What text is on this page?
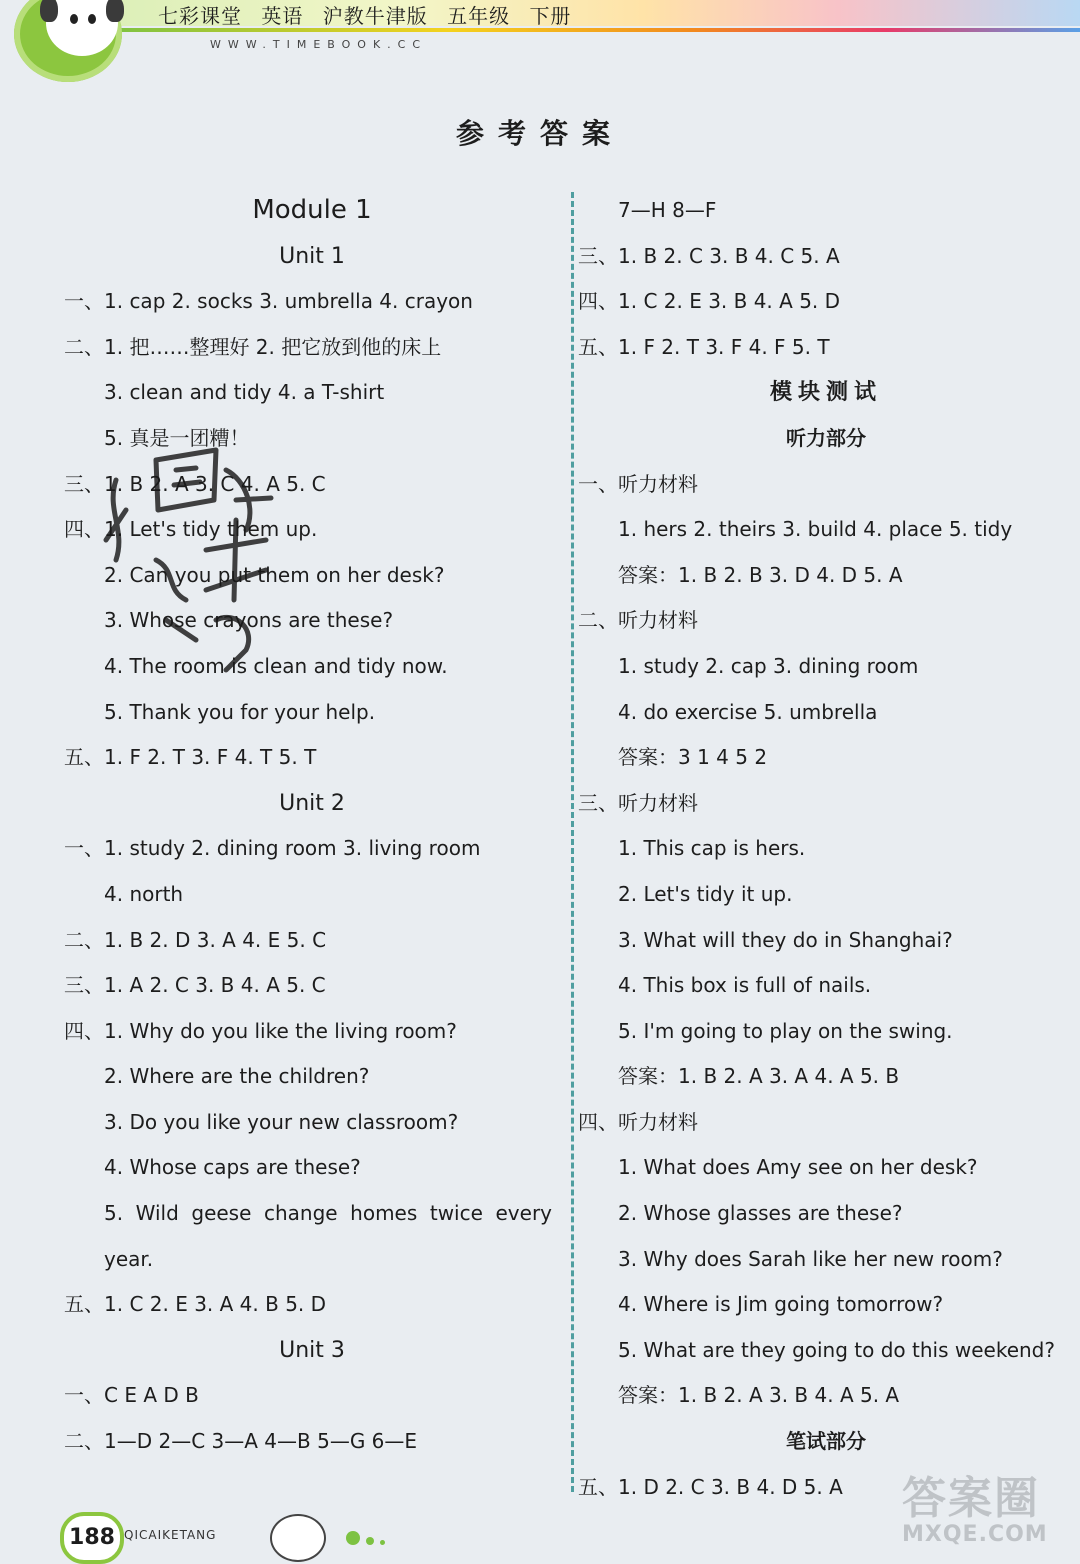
七彩课堂 英语 沪教牛津版 五年级 下册
WWW.TIMEBOOK.CC
参考答案
Module 1
Unit 1
一、1. cap 2. socks 3. umbrella 4. crayon
二、1. 把……整理好 2. 把它放到他的床上
3. clean and tidy 4. a T-shirt
5. 真是一团糟！
三、1. B 2. A 3. C 4. A 5. C
四、1. Let's tidy them up.
2. Can you put them on her desk?
3. Whose crayons are these?
4. The room is clean and tidy now.
5. Thank you for your help.
五、1. F 2. T 3. F 4. T 5. T
Unit 2
一、1. study 2. dining room 3. living room
4. north
二、1. B 2. D 3. A 4. E 5. C
三、1. A 2. C 3. B 4. A 5. C
四、1. Why do you like the living room?
2. Where are the children?
3. Do you like your new classroom?
4. Whose caps are these?
5. Wild geese change homes twice every
year.
五、1. C 2. E 3. A 4. B 5. D
Unit 3
一、C E A D B
二、1—D 2—C 3—A 4—B 5—G 6—E
7—H 8—F
三、1. B 2. C 3. B 4. C 5. A
四、1. C 2. E 3. B 4. A 5. D
五、1. F 2. T 3. F 4. F 5. T
模块测试
听力部分
一、听力材料
1. hers 2. theirs 3. build 4. place 5. tidy
答案：1. B 2. B 3. D 4. D 5. A
二、听力材料
1. study 2. cap 3. dining room
4. do exercise 5. umbrella
答案：3 1 4 5 2
三、听力材料
1. This cap is hers.
2. Let's tidy it up.
3. What will they do in Shanghai?
4. This box is full of nails.
5. I'm going to play on the swing.
答案：1. B 2. A 3. A 4. A 5. B
四、听力材料
1. What does Amy see on her desk?
2. Whose glasses are these?
3. Why does Sarah like her new room?
4. Where is Jim going tomorrow?
5. What are they going to do this weekend?
答案：1. B 2. A 3. B 4. A 5. A
笔试部分
五、1. D 2. C 3. B 4. D 5. A
188 QICAIKETANG
答案圈
MXQE.COM
